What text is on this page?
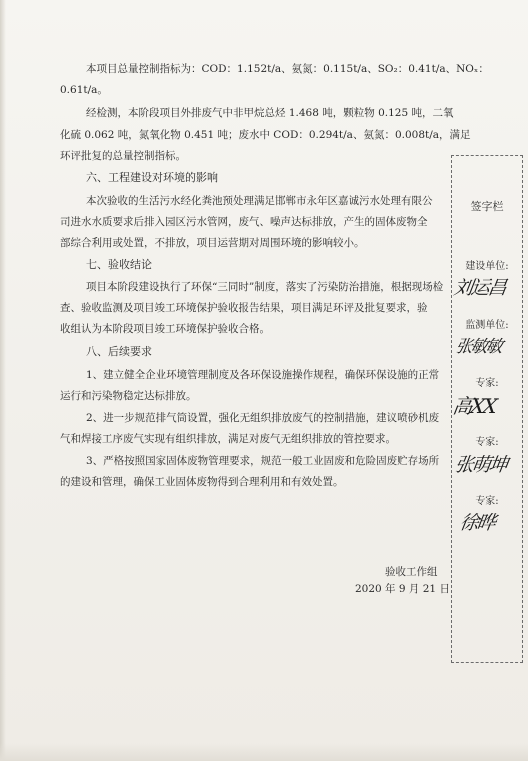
本项目总量控制指标为：COD：1.152t/a、氨氮：0.115t/a、SO₂：0.41t/a、NOₓ：
0.61t/a。
经检测，本阶段项目外排废气中非甲烷总烃 1.468 吨，颗粒物 0.125 吨，二氧
化硫 0.062 吨，氮氧化物 0.451 吨；废水中 COD：0.294t/a、氨氮：0.008t/a，满足
环评批复的总量控制指标。
六、工程建设对环境的影响
本次验收的生活污水经化粪池预处理满足邯郸市永年区嘉诚污水处理有限公
司进水水质要求后排入园区污水管网，废气、噪声达标排放，产生的固体废物全
部综合利用或处置，不排放，项目运营期对周围环境的影响较小。
七、验收结论
项目本阶段建设执行了环保“三同时”制度，落实了污染防治措施，根据现场检
查、验收监测及项目竣工环境保护验收报告结果，项目满足环评及批复要求，验
收组认为本阶段项目竣工环境保护验收合格。
八、后续要求
1、建立健全企业环境管理制度及各环保设施操作规程，确保环保设施的正常
运行和污染物稳定达标排放。
2、进一步规范排气筒设置，强化无组织排放废气的控制措施，建议喷砂机废
气和焊接工序废气实现有组织排放，满足对废气无组织排放的管控要求。
3、严格按照国家固体废物管理要求，规范一般工业固废和危险固废贮存场所
的建设和管理，确保工业固体废物得到合理利用和有效处置。
验收工作组
2020 年 9 月 21 日
签字栏
建设单位:
刘运昌
监测单位:
张敏敏
专家:
高XX
专家:
张萌坤
专家:
徐晔
